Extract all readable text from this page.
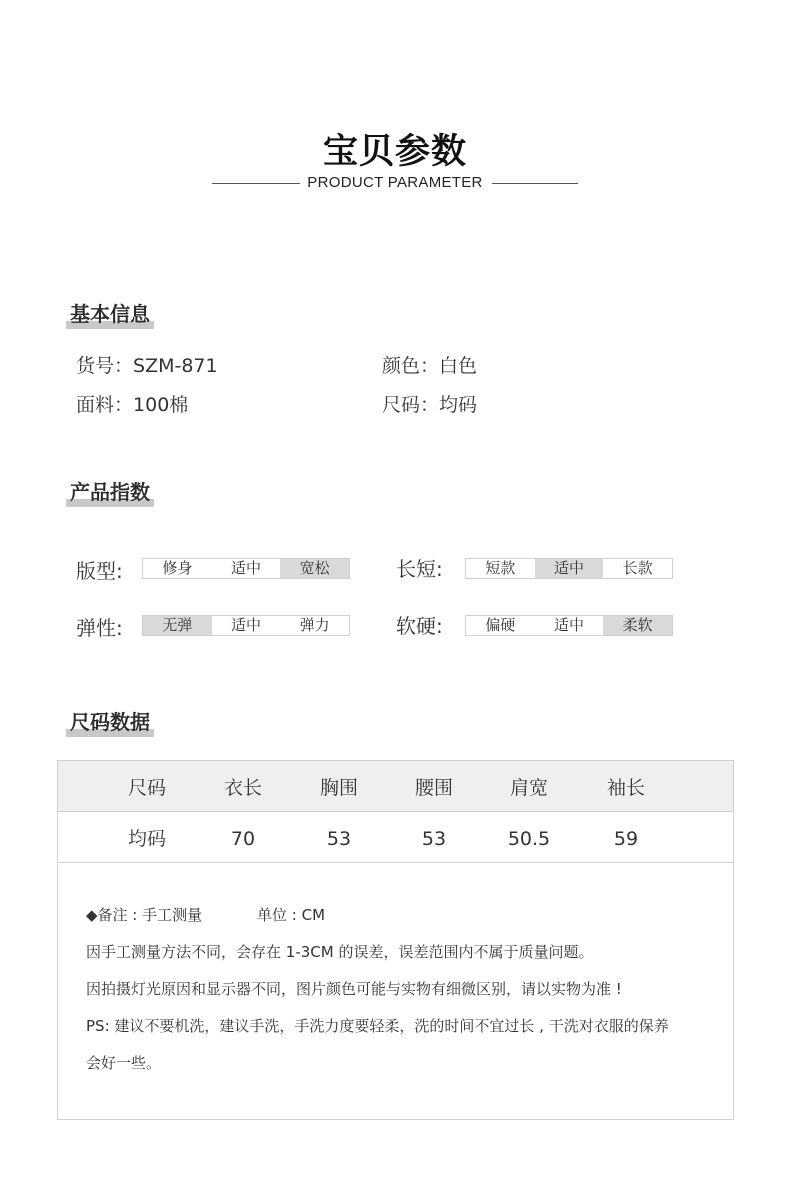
宝贝参数
PRODUCT PARAMETER
基本信息
货号：SZM-871	颜色：白色
面料：100棉	尺码：均码
产品指数
版型:	修身	适中	宽松	长短:	短款	适中	长款
弹性:	无弹	适中	弹力	软硬:	偏硬	适中	柔软
尺码数据
尺码	衣长	胸围	腰围	肩宽	袖长
均码	70	53	53	50.5	59
◆备注 : 手工测量	单位 : CM
因手工测量方法不同，会存在 1-3CM 的误差，误差范围内不属于质量问题。
因拍摄灯光原因和显示器不同，图片颜色可能与实物有细微区别，请以实物为准 !
PS: 建议不要机洗，建议手洗，手洗力度要轻柔，洗的时间不宜过长 , 干洗对衣服的保养
会好一些。
